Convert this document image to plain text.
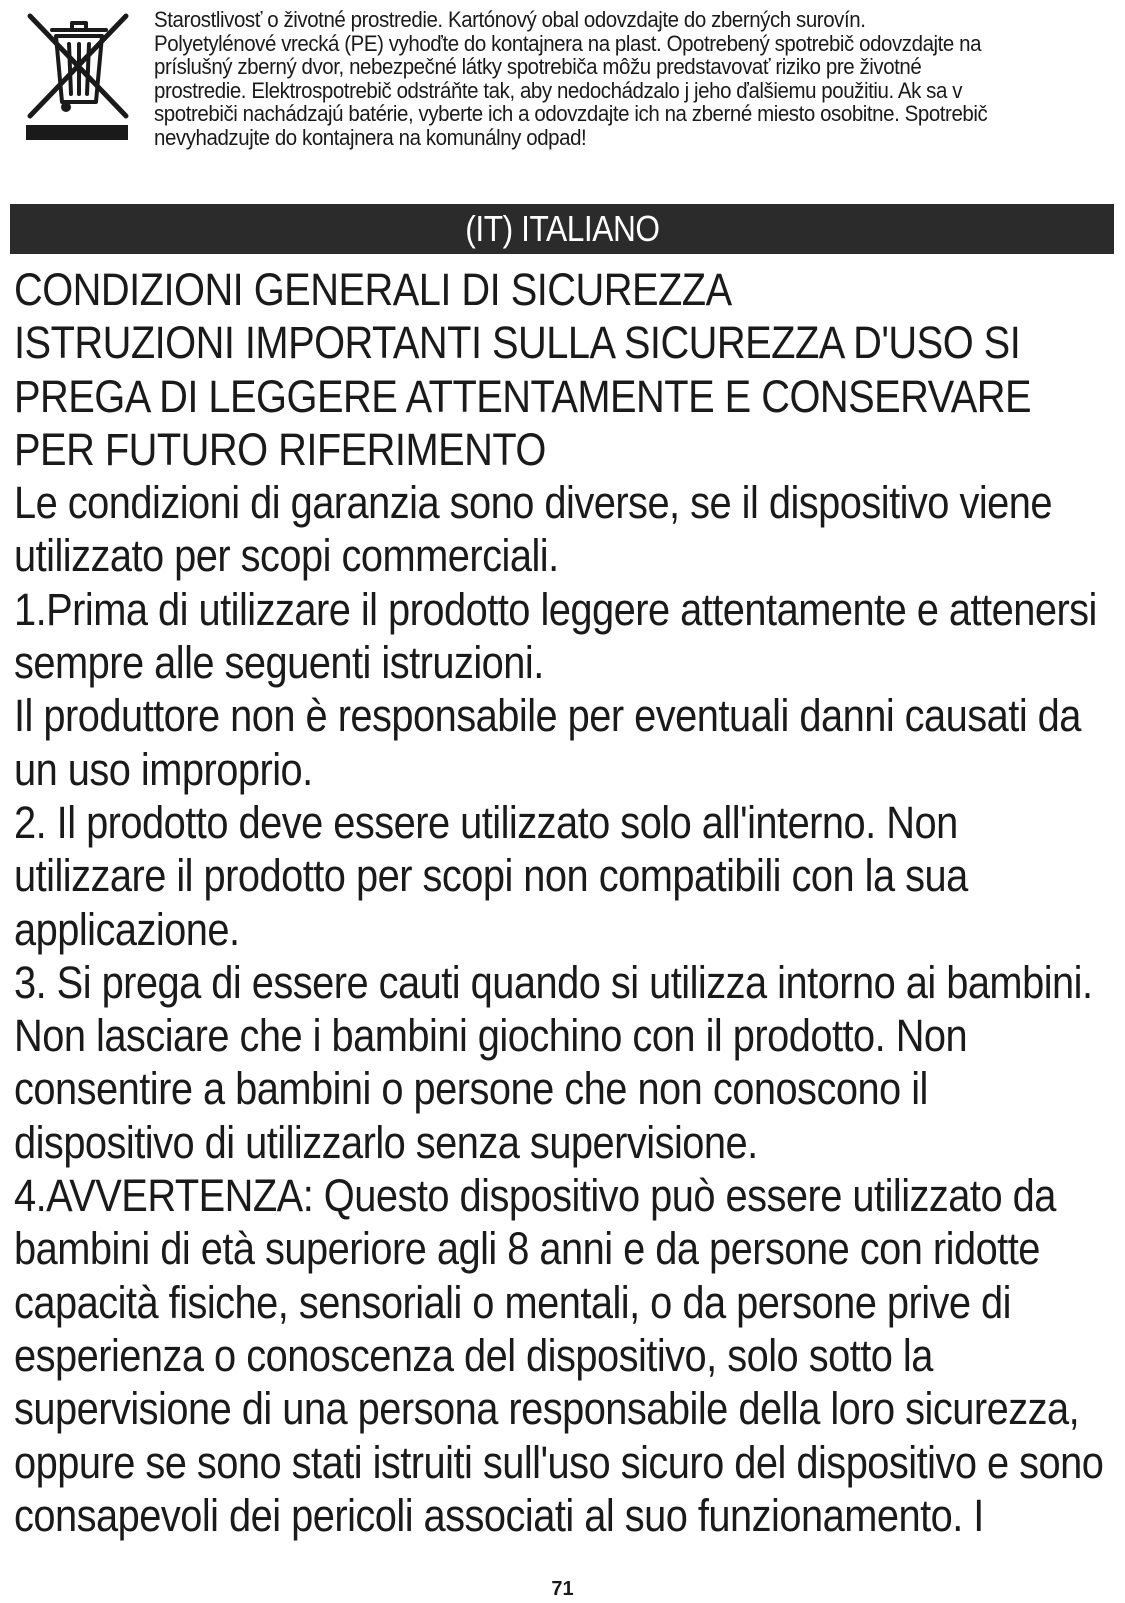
Starostlivosť o životné prostredie. Kartónový obal odovzdajte do zberných surovín.
Polyetylénové vrecká (PE) vyhoďte do kontajnera na plast. Opotrebený spotrebič odovzdajte na
príslušný zberný dvor, nebezpečné látky spotrebiča môžu predstavovať riziko pre životné
prostredie. Elektrospotrebič odstráňte tak, aby nedochádzalo j jeho ďalšiemu použitiu. Ak sa v
spotrebiči nachádzajú batérie, vyberte ich a odovzdajte ich na zberné miesto osobitne. Spotrebič
nevyhadzujte do kontajnera na komunálny odpad!
(IT) ITALIANO

CONDIZIONI GENERALI DI SICUREZZA

ISTRUZIONI IMPORTANTI SULLA SICUREZZA D'USO SI

PREGA DI LEGGERE ATTENTAMENTE E CONSERVARE

PER FUTURO RIFERIMENTO

Le condizioni di garanzia sono diverse, se il dispositivo viene

utilizzato per scopi commerciali.

1.Prima di utilizzare il prodotto leggere attentamente e attenersi

sempre alle seguenti istruzioni.

Il produttore non è responsabile per eventuali danni causati da

un uso improprio.

2. Il prodotto deve essere utilizzato solo all'interno. Non

utilizzare il prodotto per scopi non compatibili con la sua

applicazione.

3. Si prega di essere cauti quando si utilizza intorno ai bambini.

Non lasciare che i bambini giochino con il prodotto. Non

consentire a bambini o persone che non conoscono il

dispositivo di utilizzarlo senza supervisione.

4.AVVERTENZA: Questo dispositivo può essere utilizzato da

bambini di età superiore agli 8 anni e da persone con ridotte

capacità fisiche, sensoriali o mentali, o da persone prive di

esperienza o conoscenza del dispositivo, solo sotto la

supervisione di una persona responsabile della loro sicurezza,

oppure se sono stati istruiti sull'uso sicuro del dispositivo e sono

consapevoli dei pericoli associati al suo funzionamento. I

71
